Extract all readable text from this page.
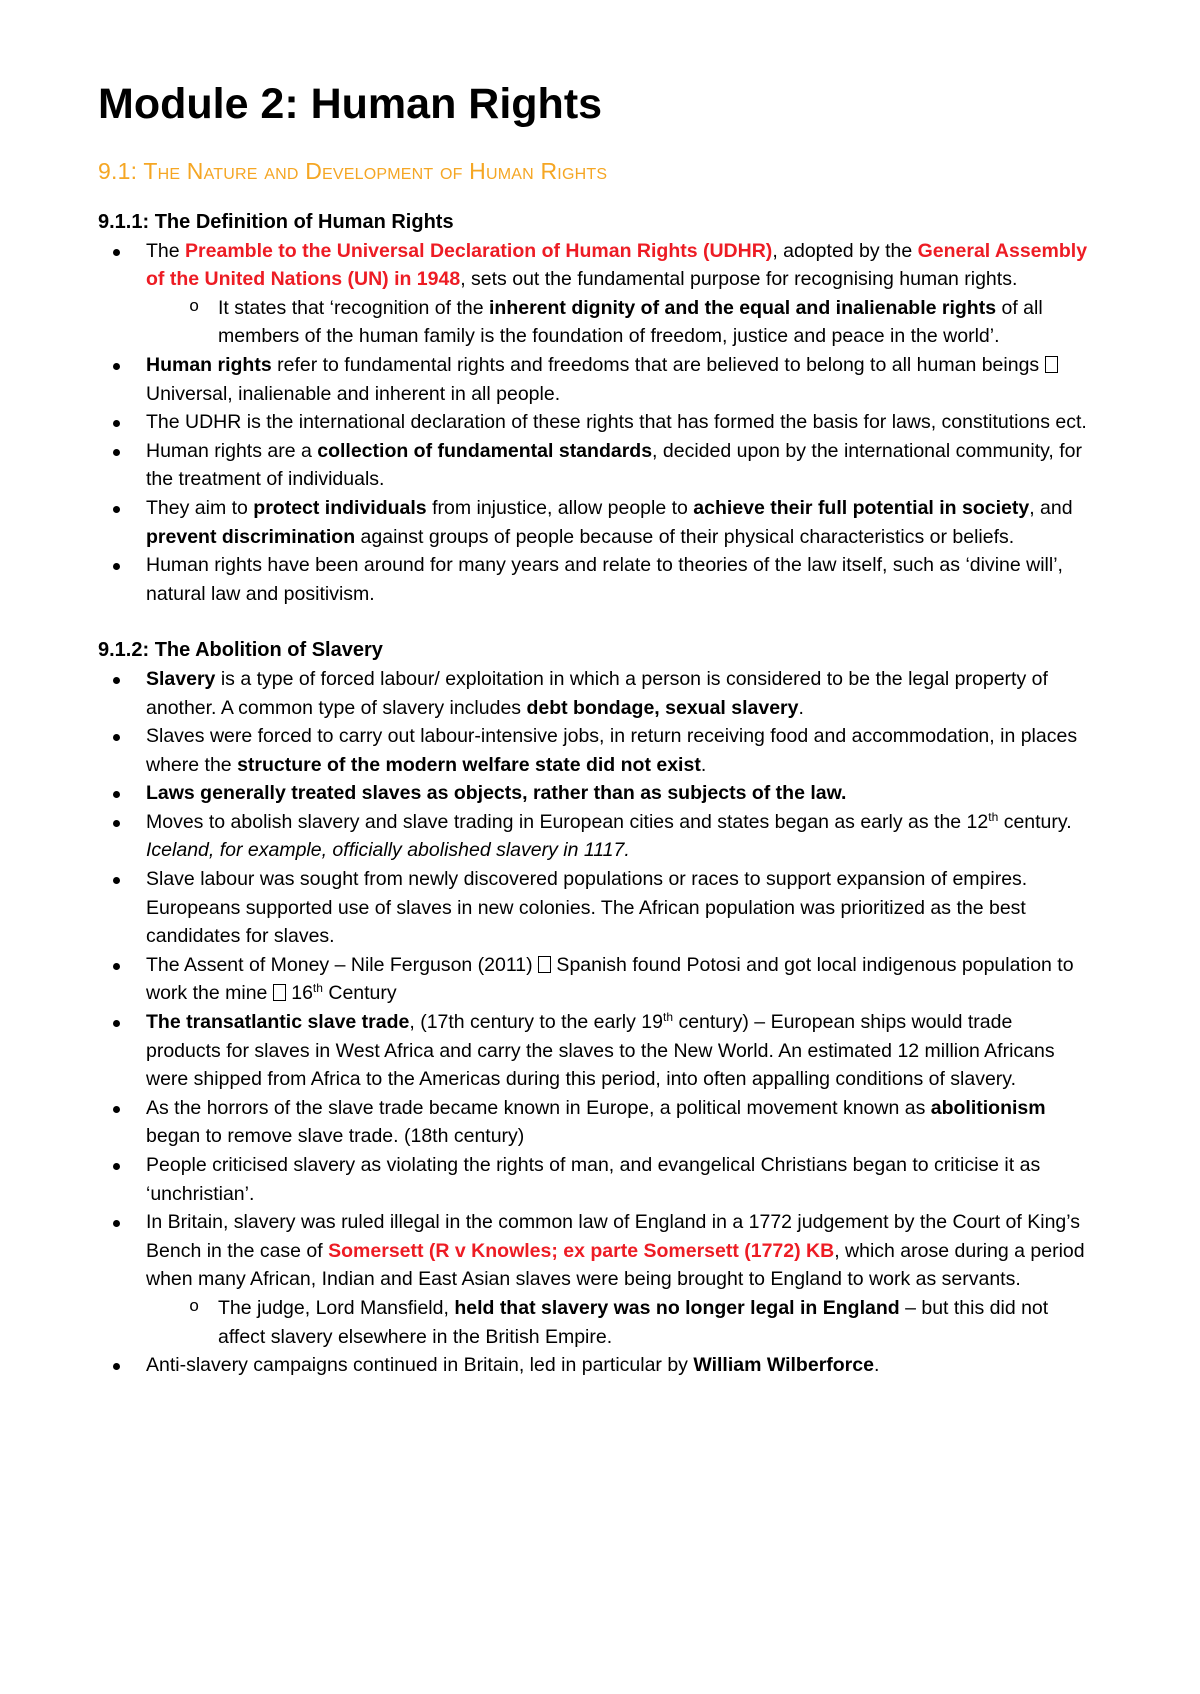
Module 2: Human Rights
9.1: The Nature and Development of Human Rights
9.1.1: The Definition of Human Rights
The Preamble to the Universal Declaration of Human Rights (UDHR), adopted by the General Assembly of the United Nations (UN) in 1948, sets out the fundamental purpose for recognising human rights.
o It states that ‘recognition of the inherent dignity of and the equal and inalienable rights of all members of the human family is the foundation of freedom, justice and peace in the world’.
Human rights refer to fundamental rights and freedoms that are believed to belong to all human beings  Universal, inalienable and inherent in all people.
The UDHR is the international declaration of these rights that has formed the basis for laws, constitutions ect.
Human rights are a collection of fundamental standards, decided upon by the international community, for the treatment of individuals.
They aim to protect individuals from injustice, allow people to achieve their full potential in society, and prevent discrimination against groups of people because of their physical characteristics or beliefs.
Human rights have been around for many years and relate to theories of the law itself, such as ‘divine will’, natural law and positivism.
9.1.2: The Abolition of Slavery
Slavery is a type of forced labour/ exploitation in which a person is considered to be the legal property of another. A common type of slavery includes debt bondage, sexual slavery.
Slaves were forced to carry out labour-intensive jobs, in return receiving food and accommodation, in places where the structure of the modern welfare state did not exist.
Laws generally treated slaves as objects, rather than as subjects of the law.
Moves to abolish slavery and slave trading in European cities and states began as early as the 12th century. Iceland, for example, officially abolished slavery in 1117.
Slave labour was sought from newly discovered populations or races to support expansion of empires. Europeans supported use of slaves in new colonies. The African population was prioritized as the best candidates for slaves.
The Assent of Money – Nile Ferguson (2011)  Spanish found Potosi and got local indigenous population to work the mine  16th Century
The transatlantic slave trade, (17th century to the early 19th century) – European ships would trade products for slaves in West Africa and carry the slaves to the New World. An estimated 12 million Africans were shipped from Africa to the Americas during this period, into often appalling conditions of slavery.
As the horrors of the slave trade became known in Europe, a political movement known as abolitionism began to remove slave trade. (18th century)
People criticised slavery as violating the rights of man, and evangelical Christians began to criticise it as ‘unchristian’.
In Britain, slavery was ruled illegal in the common law of England in a 1772 judgement by the Court of King’s Bench in the case of Somersett (R v Knowles; ex parte Somersett (1772) KB, which arose during a period when many African, Indian and East Asian slaves were being brought to England to work as servants.
o The judge, Lord Mansfield, held that slavery was no longer legal in England – but this did not affect slavery elsewhere in the British Empire.
Anti-slavery campaigns continued in Britain, led in particular by William Wilberforce.
